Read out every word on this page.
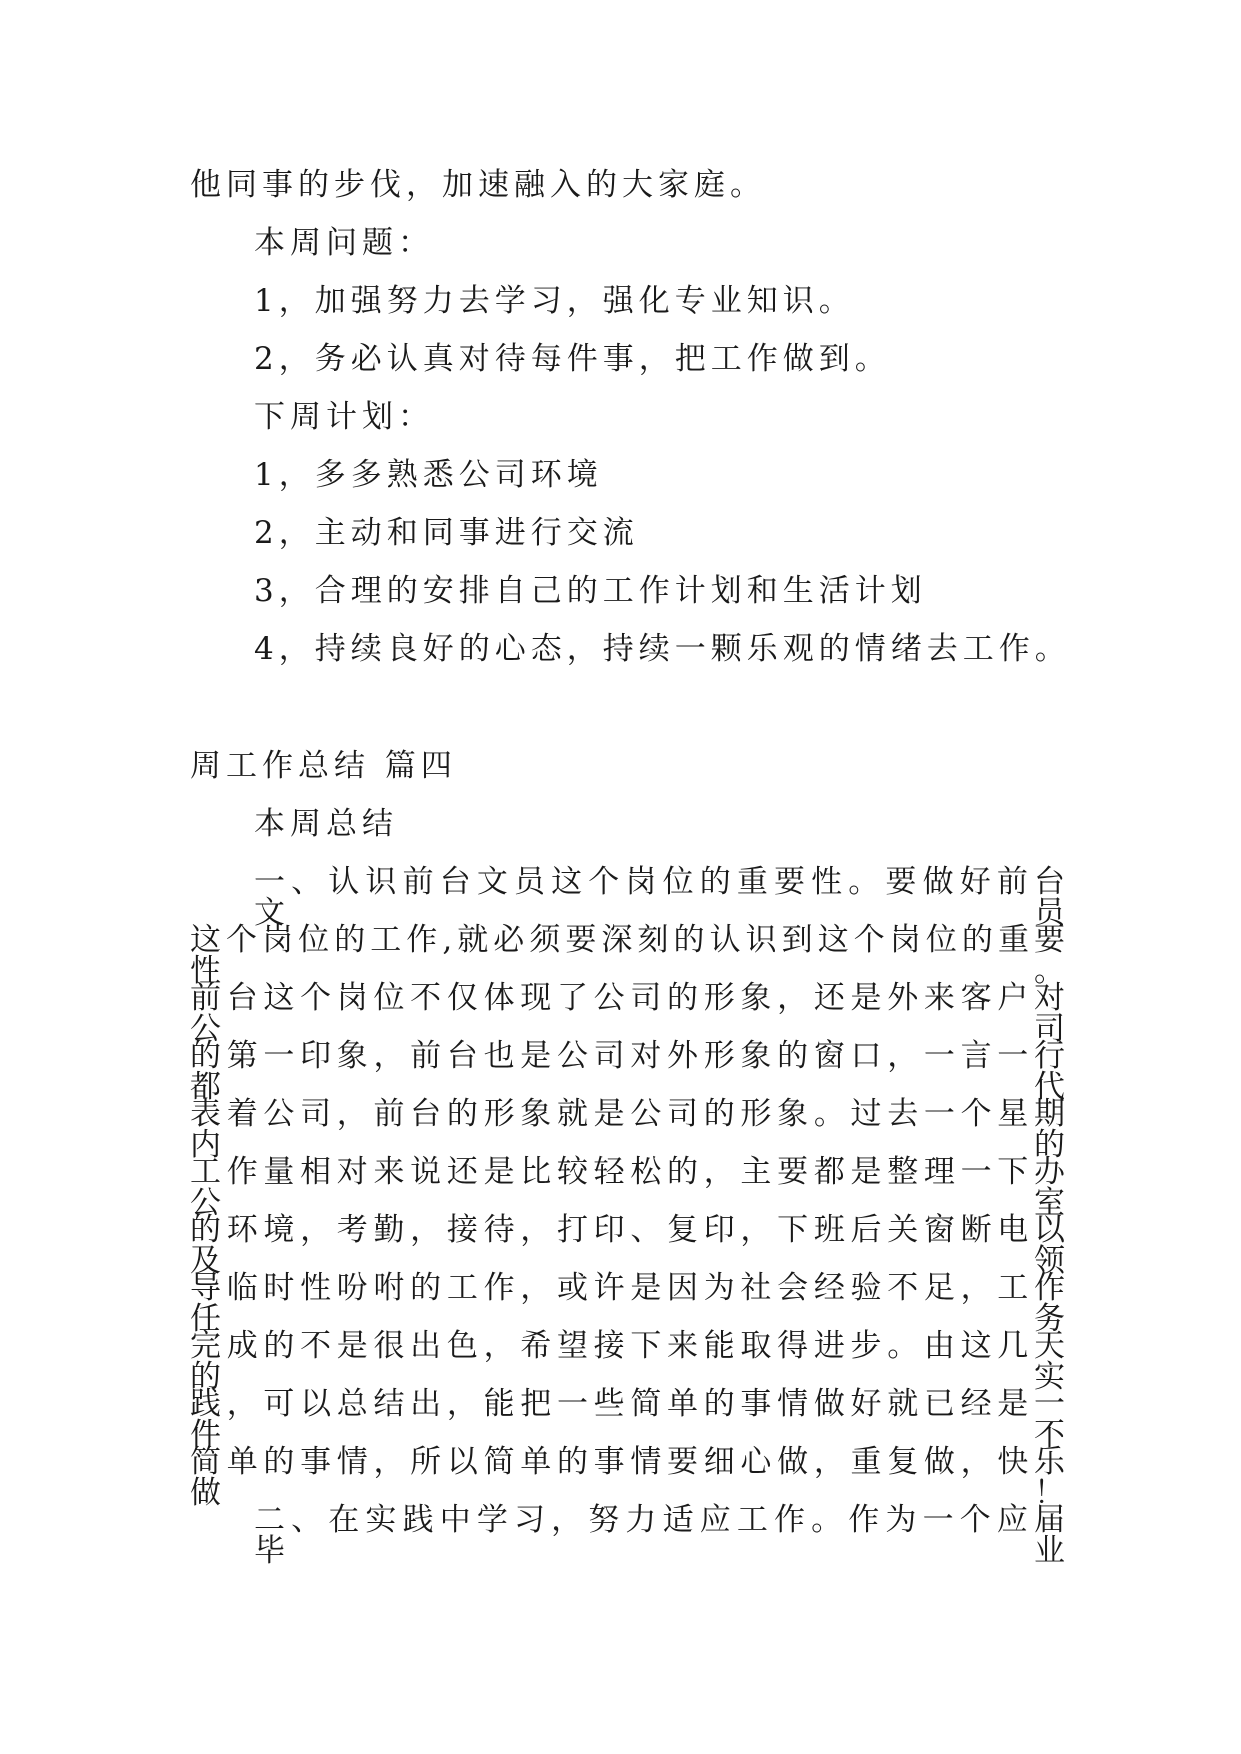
他同事的步伐，加速融入的大家庭。
本周问题：
1，加强努力去学习，强化专业知识。
2，务必认真对待每件事，把工作做到。
下周计划：
1，多多熟悉公司环境
2，主动和同事进行交流
3，合理的安排自己的工作计划和生活计划
4，持续良好的心态，持续一颗乐观的情绪去工作。
周工作总结 篇四
本周总结
一、认识前台文员这个岗位的重要性。要做好前台文员
这个岗位的工作,就必须要深刻的认识到这个岗位的重要性。
前台这个岗位不仅体现了公司的形象，还是外来客户对公司
的第一印象，前台也是公司对外形象的窗口，一言一行都代
表着公司，前台的形象就是公司的形象。过去一个星期内的
工作量相对来说还是比较轻松的，主要都是整理一下办公室
的环境，考勤，接待，打印、复印，下班后关窗断电以及领
导临时性吩咐的工作，或许是因为社会经验不足，工作任务
完成的不是很出色，希望接下来能取得进步。由这几天的实
践，可以总结出，能把一些简单的事情做好就已经是一件不
简单的事情，所以简单的事情要细心做，重复做，快乐做！
二、在实践中学习，努力适应工作。作为一个应届毕业
